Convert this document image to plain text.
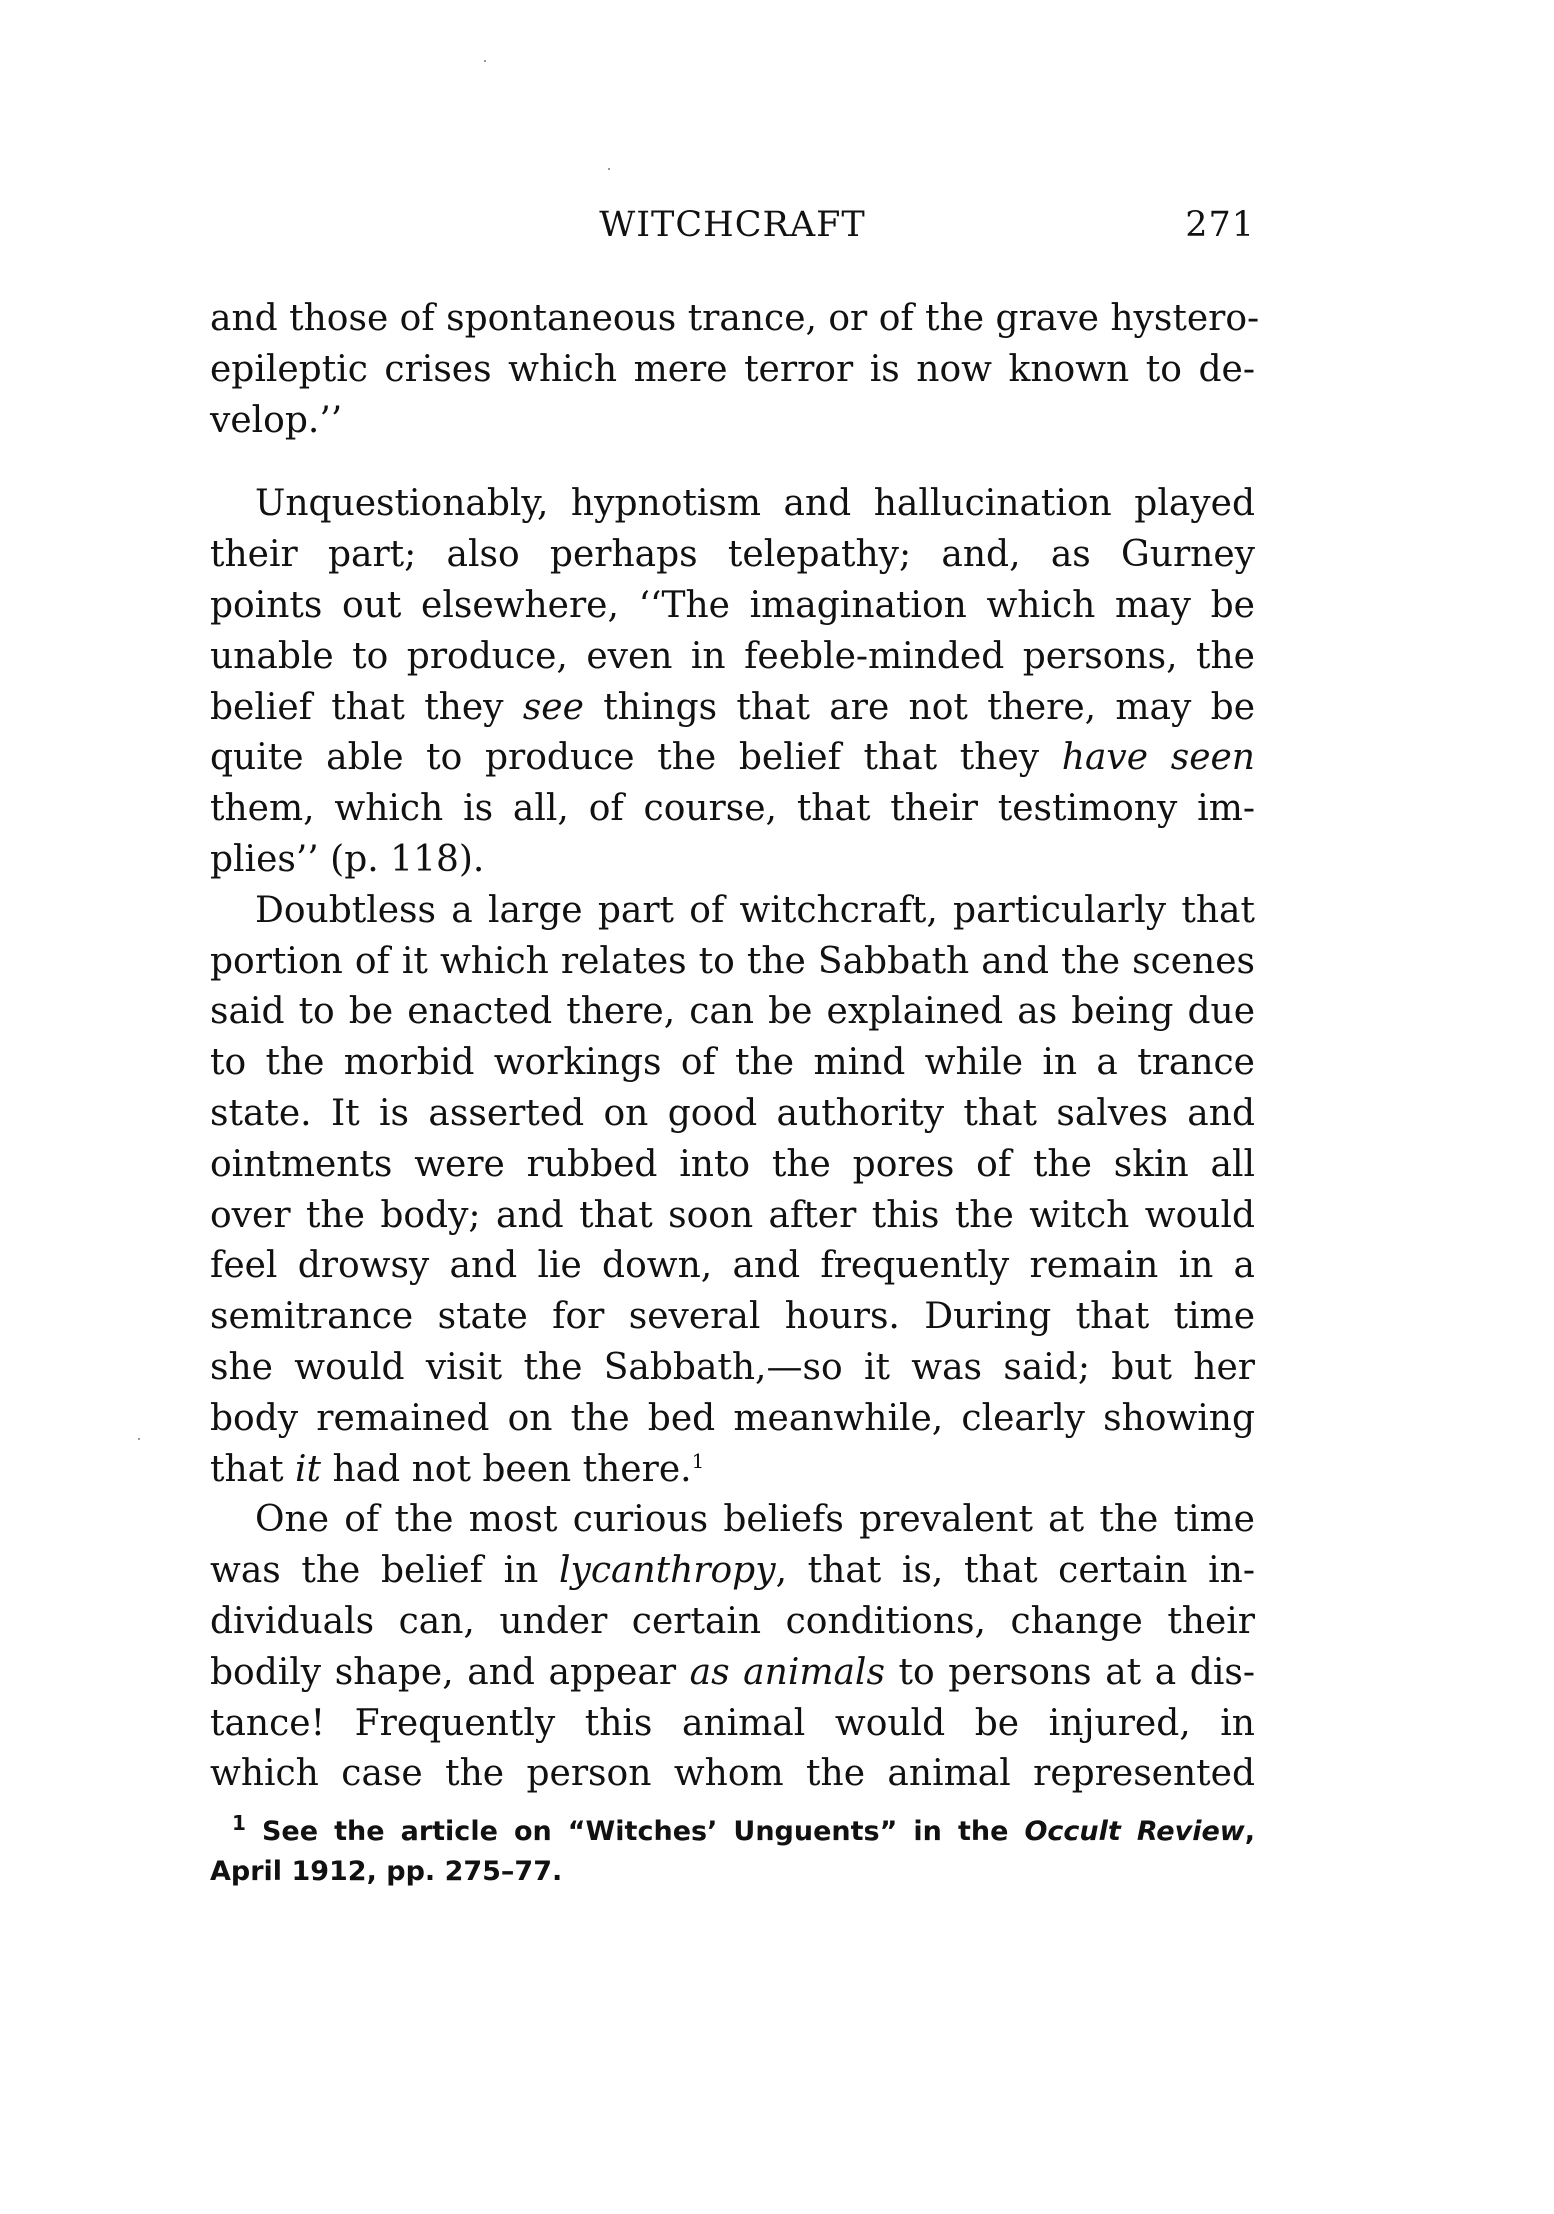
WITCHCRAFT	271
and those of spontaneous trance, or of the grave hystero-
epileptic crises which mere terror is now known to de-
velop.’’
Unquestionably, hypnotism and hallucination played
their part; also perhaps telepathy; and, as Gurney
points out elsewhere, ‘‘The imagination which may be
unable to produce, even in feeble-minded persons, the
belief that they see things that are not there, may be
quite able to produce the belief that they have seen
them, which is all, of course, that their testimony im-
plies’’ (p. 118).
Doubtless a large part of witchcraft, particularly that
portion of it which relates to the Sabbath and the scenes
said to be enacted there, can be explained as being due
to the morbid workings of the mind while in a trance
state. It is asserted on good authority that salves and
ointments were rubbed into the pores of the skin all
over the body; and that soon after this the witch would
feel drowsy and lie down, and frequently remain in a
semitrance state for several hours. During that time
she would visit the Sabbath,—so it was said; but her
body remained on the bed meanwhile, clearly showing
that it had not been there.$^1$
One of the most curious beliefs prevalent at the time
was the belief in lycanthropy, that is, that certain in-
dividuals can, under certain conditions, change their
bodily shape, and appear as animals to persons at a dis-
tance! Frequently this animal would be injured, in
which case the person whom the animal represented
$^1$ See the article on “Witches’ Unguents” in the Occult Review,
April 1912, pp. 275–77.
